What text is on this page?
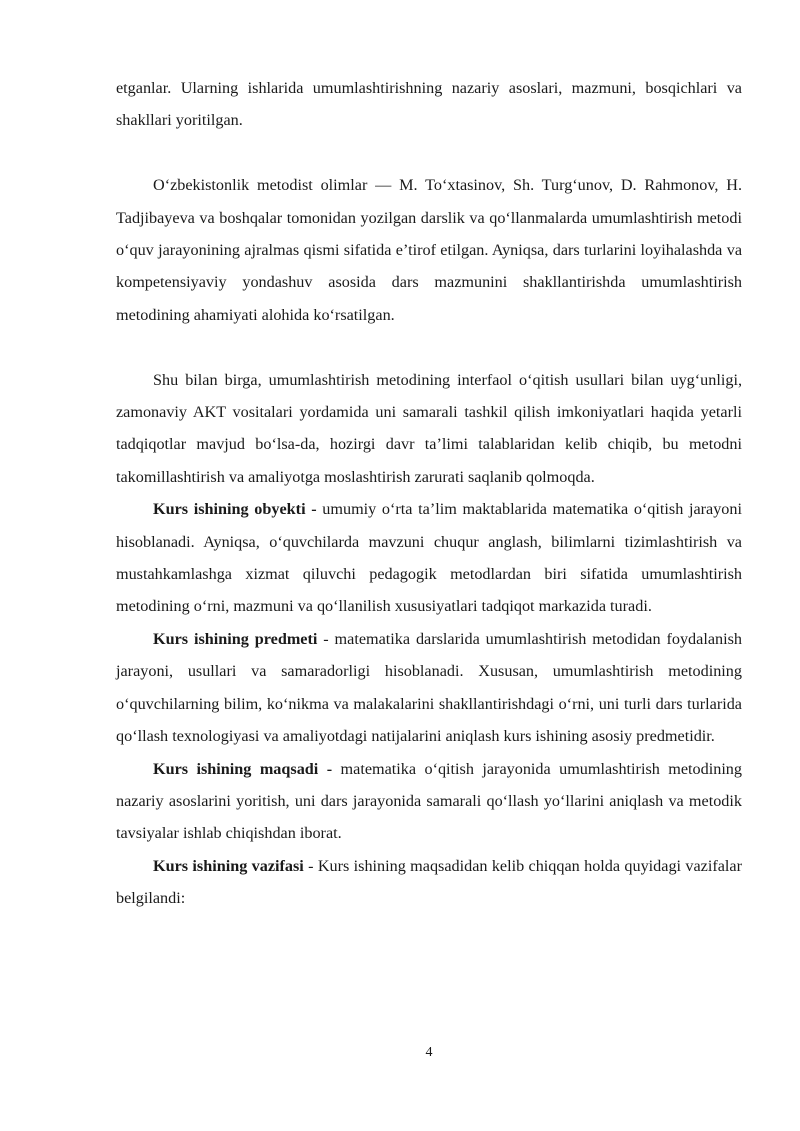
etganlar. Ularning ishlarida umumlashtirishning nazariy asoslari, mazmuni, bosqichlari va shakllari yoritilgan.

O‘zbekistonlik metodist olimlar — M. To‘xtasinov, Sh. Turg‘unov, D. Rahmonov, H. Tadjibayeva va boshqalar tomonidan yozilgan darslik va qo‘llanmalarda umumlashtirish metodi o‘quv jarayonining ajralmas qismi sifatida e’tirof etilgan. Ayniqsa, dars turlarini loyihalashda va kompetensiyaviy yondashuv asosida dars mazmunini shakllantirishda umumlashtirish metodining ahamiyati alohida ko‘rsatilgan.

Shu bilan birga, umumlashtirish metodining interfaol o‘qitish usullari bilan uyg‘unligi, zamonaviy AKT vositalari yordamida uni samarali tashkil qilish imkoniyatlari haqida yetarli tadqiqotlar mavjud bo‘lsa-da, hozirgi davr ta’limi talablaridan kelib chiqib, bu metodni takomillashtirish va amaliyotga moslashtirish zarurati saqlanib qolmoqda.

Kurs ishining obyekti - umumiy o‘rta ta’lim maktablarida matematika o‘qitish jarayoni hisoblanadi. Ayniqsa, o‘quvchilarda mavzuni chuqur anglash, bilimlarni tizimlashtirish va mustahkamlashga xizmat qiluvchi pedagogik metodlardan biri sifatida umumlashtirish metodining o‘rni, mazmuni va qo‘llanilish xususiyatlari tadqiqot markazida turadi.

Kurs ishining predmeti - matematika darslarida umumlashtirish metodidan foydalanish jarayoni, usullari va samaradorligi hisoblanadi. Xususan, umumlashtirish metodining o‘quvchilarning bilim, ko‘nikma va malakalarini shakllantirishdagi o‘rni, uni turli dars turlarida qo‘llash texnologiyasi va amaliyotdagi natijalarini aniqlash kurs ishining asosiy predmetidir.

Kurs ishining maqsadi - matematika o‘qitish jarayonida umumlashtirish metodining nazariy asoslarini yoritish, uni dars jarayonida samarali qo‘llash yo‘llarini aniqlash va metodik tavsiyalar ishlab chiqishdan iborat.

Kurs ishining vazifasi - Kurs ishining maqsadidan kelib chiqqan holda quyidagi vazifalar belgilandi:

4
